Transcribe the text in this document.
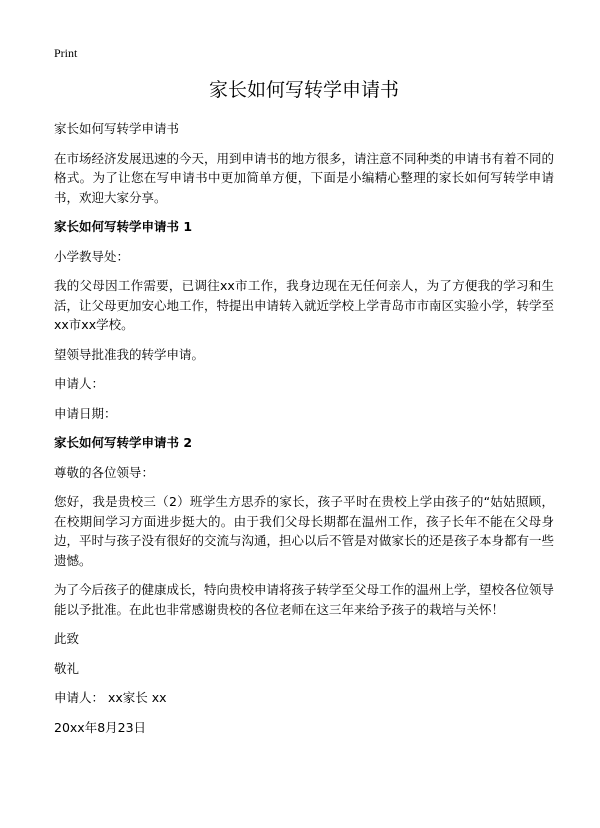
Print
家长如何写转学申请书
家长如何写转学申请书
在市场经济发展迅速的今天，用到申请书的地方很多，请注意不同种类的申请书有着不同的格式。为了让您在写申请书中更加简单方便，下面是小编精心整理的家长如何写转学申请书，欢迎大家分享。
家长如何写转学申请书 1
小学教导处：
我的父母因工作需要，已调往xx市工作，我身边现在无任何亲人，为了方便我的学习和生活，让父母更加安心地工作，特提出申请转入就近学校上学青岛市市南区实验小学，转学至xx市xx学校。
望领导批准我的转学申请。
申请人：
申请日期：
家长如何写转学申请书 2
尊敬的各位领导：
您好，我是贵校三（2）班学生方思乔的家长，孩子平时在贵校上学由孩子的“姑姑照顾，在校期间学习方面进步挺大的。由于我们父母长期都在温州工作，孩子长年不能在父母身边，平时与孩子没有很好的交流与沟通，担心以后不管是对做家长的还是孩子本身都有一些遗憾。
为了今后孩子的健康成长，特向贵校申请将孩子转学至父母工作的温州上学，望校各位领导能以予批准。在此也非常感谢贵校的各位老师在这三年来给予孩子的栽培与关怀！
此致
敬礼
申请人： xx家长 xx
20xx年8月23日
